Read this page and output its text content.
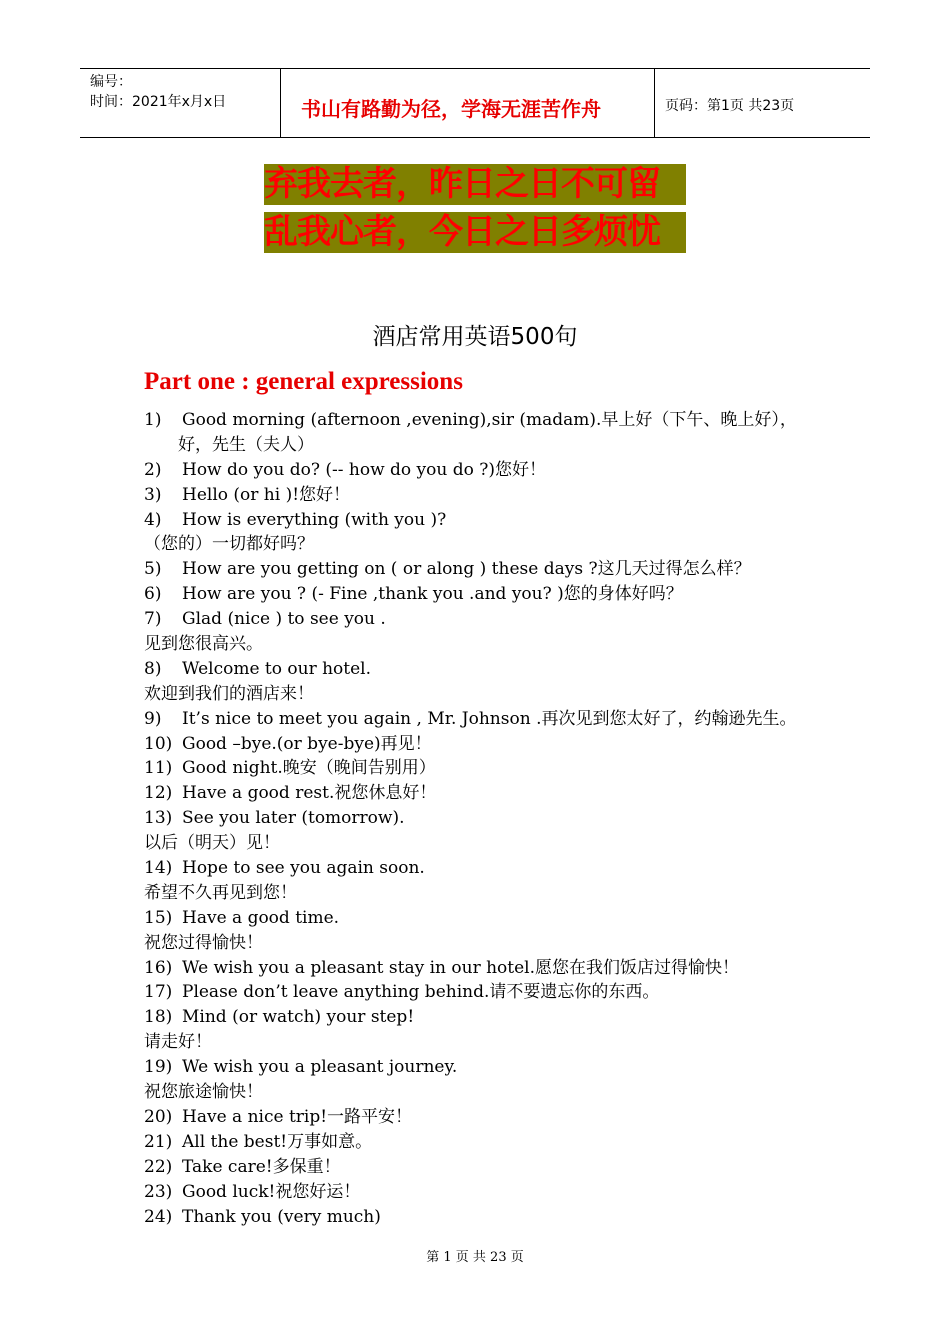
编号：
时间：2021年x月x日	书山有路勤为径，学海无涯苦作舟	页码：第1页 共23页
弃我去者，昨日之日不可留
乱我心者，今日之日多烦忧
酒店常用英语500句
Part one : general expressions
1) Good morning (afternoon ,evening),sir (madam).早上好（下午、晚上好），
好，先生（夫人）
2) How do you do? (-- how do you do ?)您好！
3) Hello (or hi )!您好！
4) How is everything (with you )?
（您的）一切都好吗？
5) How are you getting on ( or along ) these days ?这几天过得怎么样？
6) How are you ? (- Fine ,thank you .and you? )您的身体好吗？
7) Glad (nice ) to see you .
见到您很高兴。
8) Welcome to our hotel.
欢迎到我们的酒店来！
9) It’s nice to meet you again , Mr. Johnson .再次见到您太好了，约翰逊先生。
10) Good –bye.(or bye-bye)再见！
11) Good night.晚安（晚间告别用）
12) Have a good rest.祝您休息好！
13) See you later (tomorrow).
以后（明天）见！
14) Hope to see you again soon.
希望不久再见到您！
15) Have a good time.
祝您过得愉快！
16) We wish you a pleasant stay in our hotel.愿您在我们饭店过得愉快！
17) Please don’t leave anything behind.请不要遗忘你的东西。
18) Mind (or watch) your step!
请走好！
19) We wish you a pleasant journey.
祝您旅途愉快！
20) Have a nice trip!一路平安！
21) All the best!万事如意。
22) Take care!多保重！
23) Good luck!祝您好运！
24) Thank you (very much)
第 1 页 共 23 页
